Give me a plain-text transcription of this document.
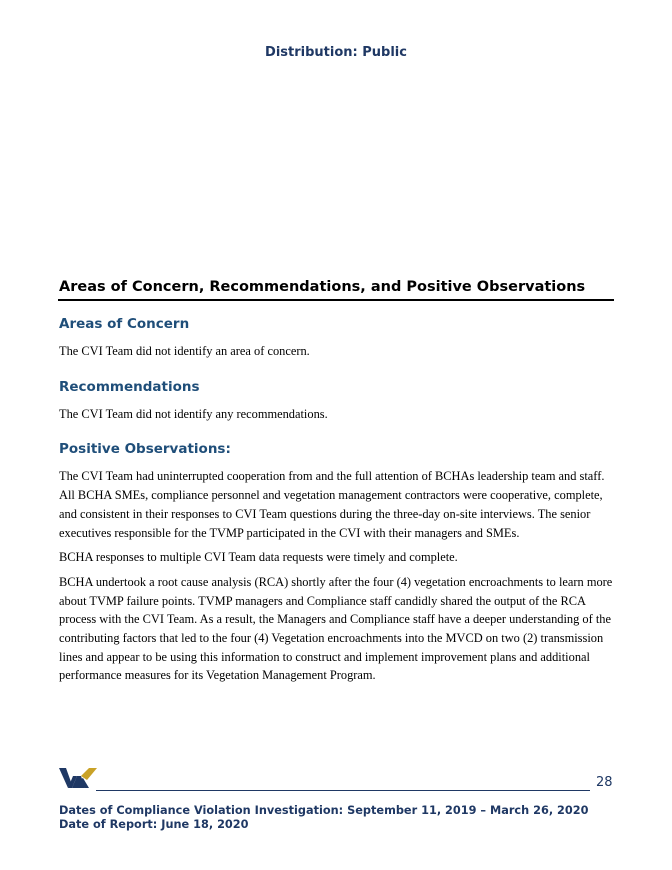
Distribution: Public
Areas of Concern, Recommendations, and Positive Observations
Areas of Concern

The CVI Team did not identify an area of concern.

Recommendations

The CVI Team did not identify any recommendations.

Positive Observations:

The CVI Team had uninterrupted cooperation from and the full attention of BCHAs leadership team and staff. All BCHA SMEs, compliance personnel and vegetation management contractors were cooperative, complete, and consistent in their responses to CVI Team questions during the three-day on-site interviews. The senior executives responsible for the TVMP participated in the CVI with their managers and SMEs.

BCHA responses to multiple CVI Team data requests were timely and complete.

BCHA undertook a root cause analysis (RCA) shortly after the four (4) vegetation encroachments to learn more about TVMP failure points. TVMP managers and Compliance staff candidly shared the output of the RCA process with the CVI Team. As a result, the Managers and Compliance staff have a deeper understanding of the contributing factors that led to the four (4) Vegetation encroachments into the MVCD on two (2) transmission lines and appear to be using this information to construct and implement improvement plans and additional performance measures for its Vegetation Management Program.

28
Dates of Compliance Violation Investigation: September 11, 2019 – March 26, 2020
Date of Report: June 18, 2020
